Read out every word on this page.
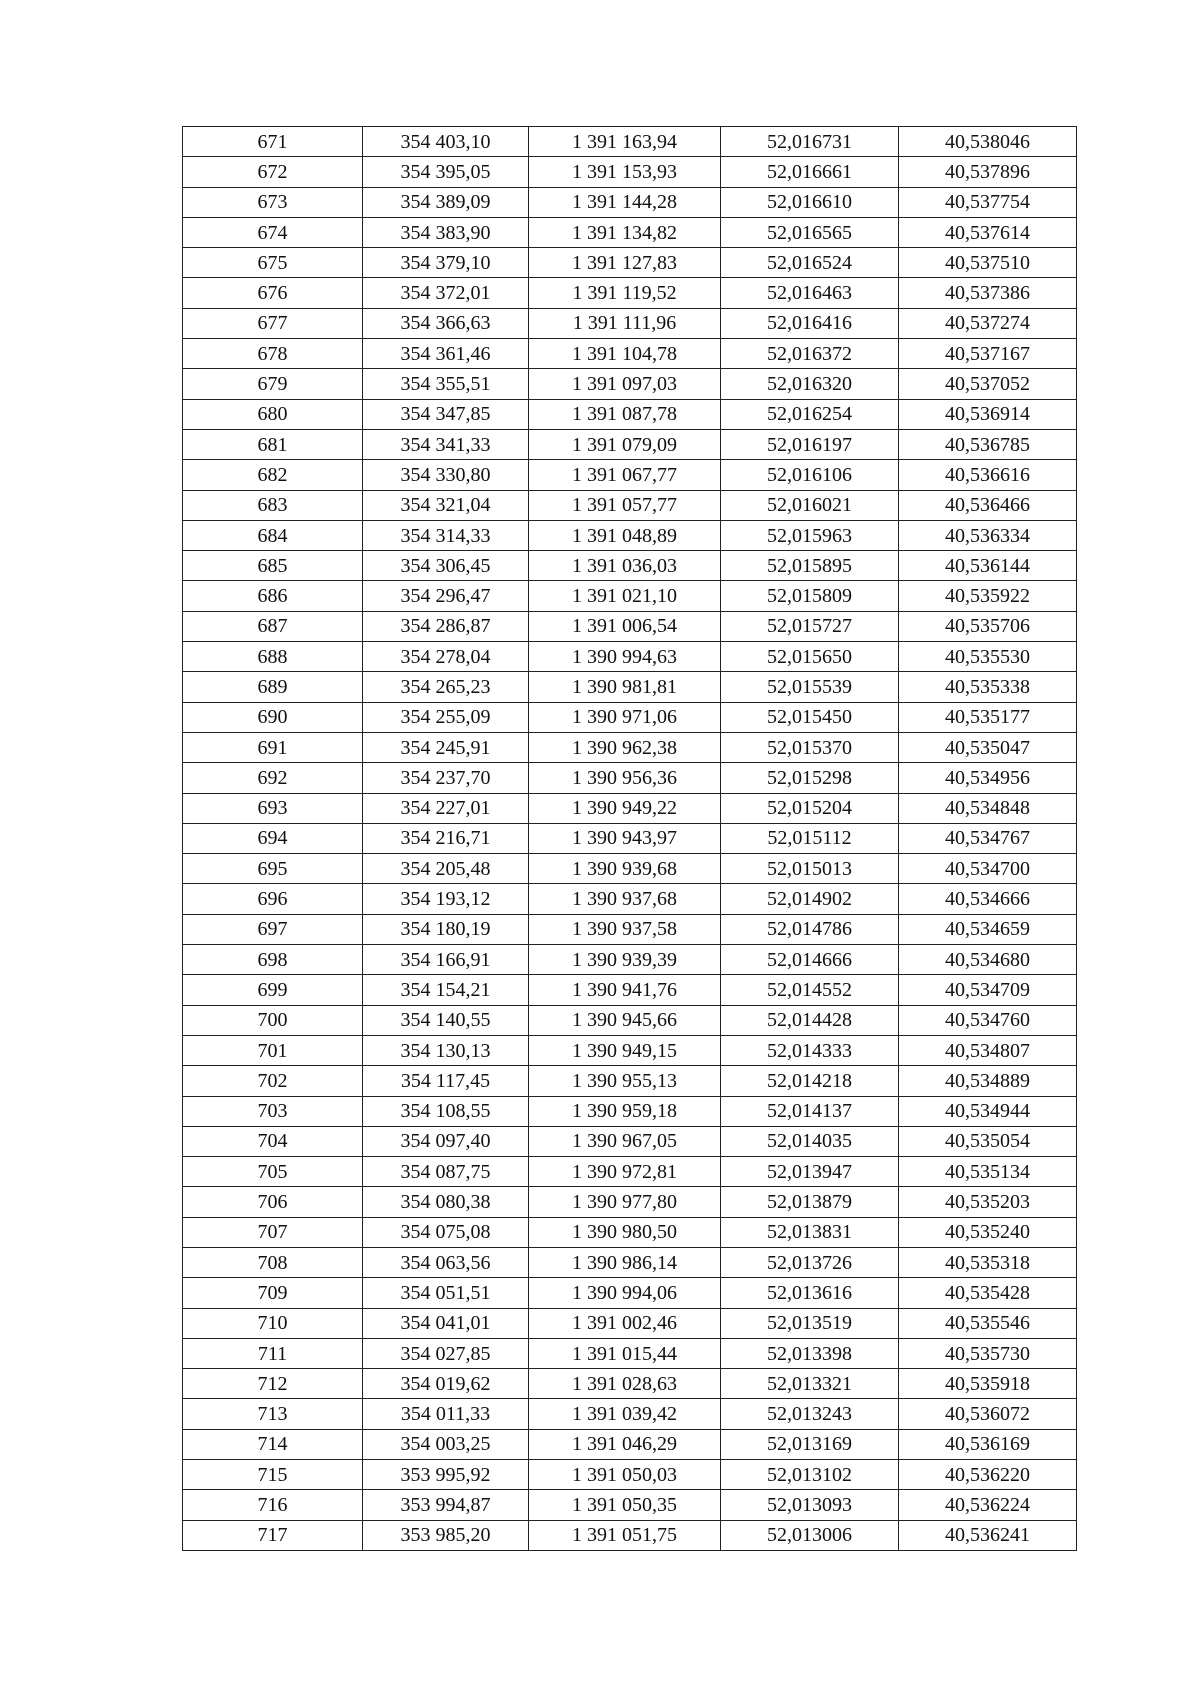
671	354 403,10	1 391 163,94	52,016731	40,538046
672	354 395,05	1 391 153,93	52,016661	40,537896
673	354 389,09	1 391 144,28	52,016610	40,537754
674	354 383,90	1 391 134,82	52,016565	40,537614
675	354 379,10	1 391 127,83	52,016524	40,537510
676	354 372,01	1 391 119,52	52,016463	40,537386
677	354 366,63	1 391 111,96	52,016416	40,537274
678	354 361,46	1 391 104,78	52,016372	40,537167
679	354 355,51	1 391 097,03	52,016320	40,537052
680	354 347,85	1 391 087,78	52,016254	40,536914
681	354 341,33	1 391 079,09	52,016197	40,536785
682	354 330,80	1 391 067,77	52,016106	40,536616
683	354 321,04	1 391 057,77	52,016021	40,536466
684	354 314,33	1 391 048,89	52,015963	40,536334
685	354 306,45	1 391 036,03	52,015895	40,536144
686	354 296,47	1 391 021,10	52,015809	40,535922
687	354 286,87	1 391 006,54	52,015727	40,535706
688	354 278,04	1 390 994,63	52,015650	40,535530
689	354 265,23	1 390 981,81	52,015539	40,535338
690	354 255,09	1 390 971,06	52,015450	40,535177
691	354 245,91	1 390 962,38	52,015370	40,535047
692	354 237,70	1 390 956,36	52,015298	40,534956
693	354 227,01	1 390 949,22	52,015204	40,534848
694	354 216,71	1 390 943,97	52,015112	40,534767
695	354 205,48	1 390 939,68	52,015013	40,534700
696	354 193,12	1 390 937,68	52,014902	40,534666
697	354 180,19	1 390 937,58	52,014786	40,534659
698	354 166,91	1 390 939,39	52,014666	40,534680
699	354 154,21	1 390 941,76	52,014552	40,534709
700	354 140,55	1 390 945,66	52,014428	40,534760
701	354 130,13	1 390 949,15	52,014333	40,534807
702	354 117,45	1 390 955,13	52,014218	40,534889
703	354 108,55	1 390 959,18	52,014137	40,534944
704	354 097,40	1 390 967,05	52,014035	40,535054
705	354 087,75	1 390 972,81	52,013947	40,535134
706	354 080,38	1 390 977,80	52,013879	40,535203
707	354 075,08	1 390 980,50	52,013831	40,535240
708	354 063,56	1 390 986,14	52,013726	40,535318
709	354 051,51	1 390 994,06	52,013616	40,535428
710	354 041,01	1 391 002,46	52,013519	40,535546
711	354 027,85	1 391 015,44	52,013398	40,535730
712	354 019,62	1 391 028,63	52,013321	40,535918
713	354 011,33	1 391 039,42	52,013243	40,536072
714	354 003,25	1 391 046,29	52,013169	40,536169
715	353 995,92	1 391 050,03	52,013102	40,536220
716	353 994,87	1 391 050,35	52,013093	40,536224
717	353 985,20	1 391 051,75	52,013006	40,536241
